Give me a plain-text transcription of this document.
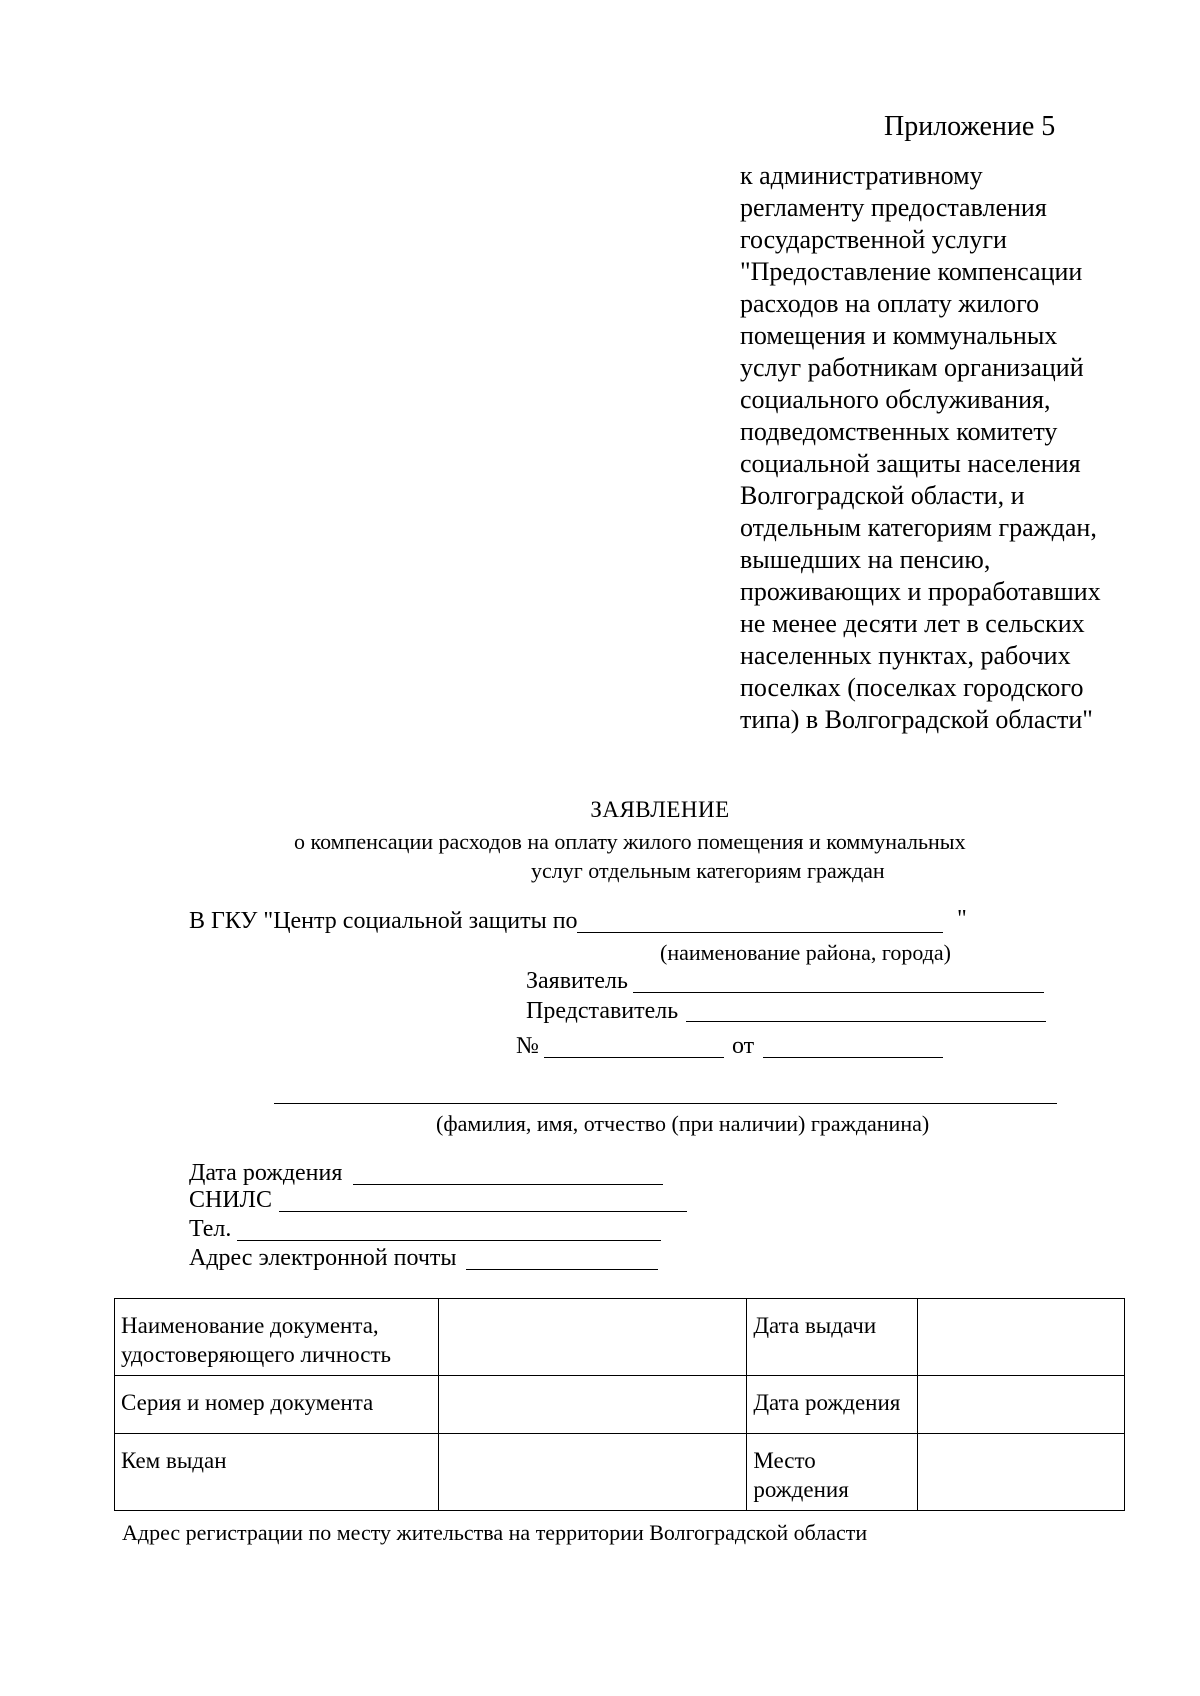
Приложение 5
к административному
регламенту предоставления
государственной услуги
"Предоставление компенсации
расходов на оплату жилого
помещения и коммунальных
услуг работникам организаций
социального обслуживания,
подведомственных комитету
социальной защиты населения
Волгоградской области, и
отдельным категориям граждан,
вышедших на пенсию,
проживающих и проработавших
не менее десяти лет в сельских
населенных пунктах, рабочих
поселках (поселках городского
типа) в Волгоградской области"
ЗАЯВЛЕНИЕ
о компенсации расходов на оплату жилого помещения и коммунальных
услуг отдельным категориям граждан
В ГКУ "Центр социальной защиты по	"
(наименование района, города)
Заявитель
Представитель
№	от
(фамилия, имя, отчество (при наличии) гражданина)
Дата рождения
СНИЛС
Тел.
Адрес электронной почты
Наименование документа, удостоверяющего личность		Дата выдачи	
Серия и номер документа		Дата рождения	
Кем выдан		Место рождения	
Адрес регистрации по месту жительства на территории Волгоградской области
